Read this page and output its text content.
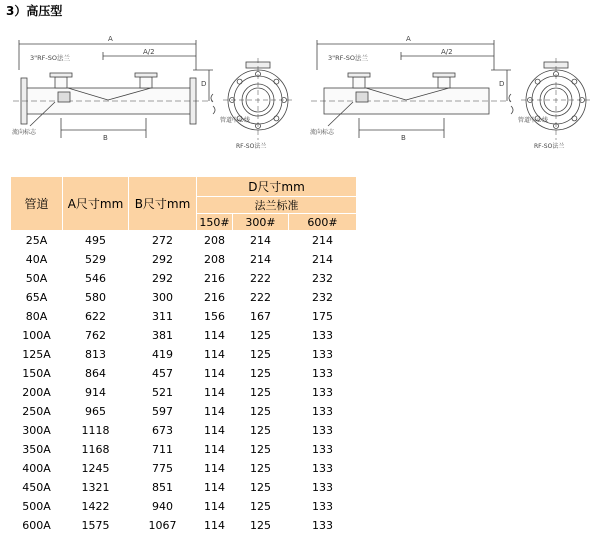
3）高压型
A
A/2
B
D
3"RF-SO法兰
流向标志
管道中心线
RF-SO法兰
A
A/2
B
D
3"RF-SO法兰
流向标志
管道中心线
RF-SO法兰
管道	A尺寸mm	B尺寸mm	D尺寸mm		
			法兰标准		
			150#	300#	600#
25A	495	272	208	214	214
40A	529	292	208	214	214
50A	546	292	216	222	232
65A	580	300	216	222	232
80A	622	311	156	167	175
100A	762	381	114	125	133
125A	813	419	114	125	133
150A	864	457	114	125	133
200A	914	521	114	125	133
250A	965	597	114	125	133
300A	1118	673	114	125	133
350A	1168	711	114	125	133
400A	1245	775	114	125	133
450A	1321	851	114	125	133
500A	1422	940	114	125	133
600A	1575	1067	114	125	133
